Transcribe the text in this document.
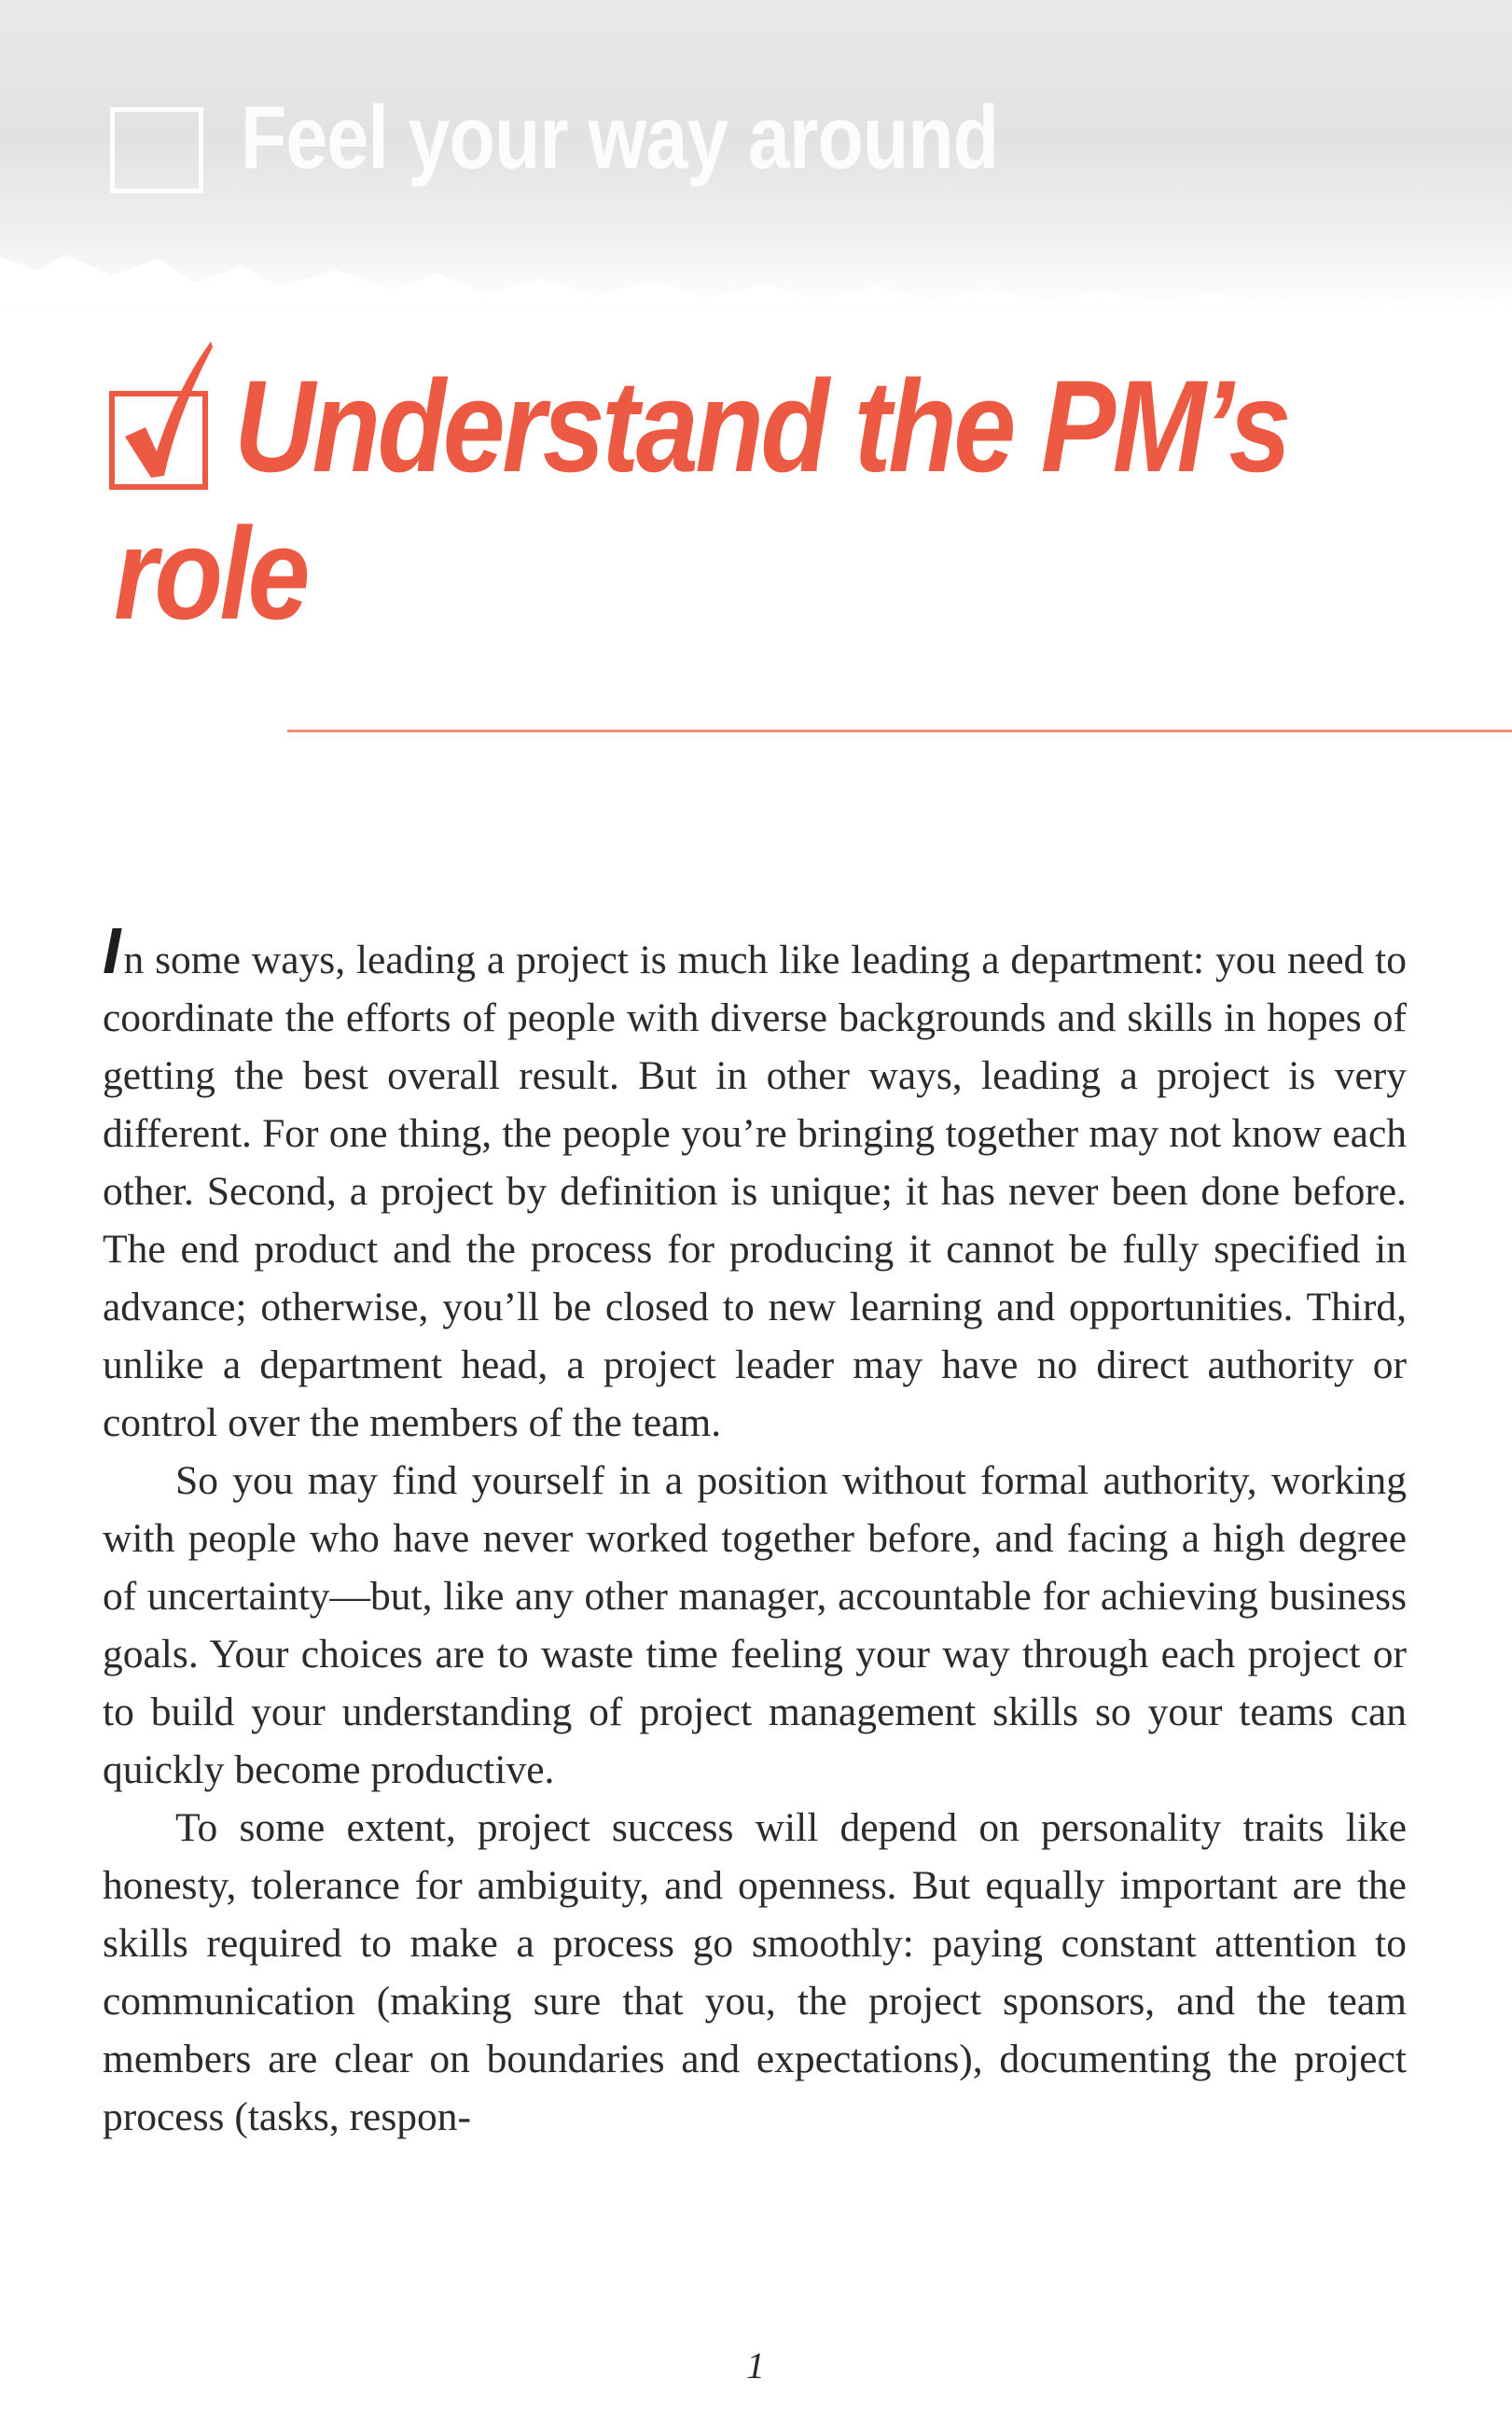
Feel your way around
Understand the PM’s
role

In some ways, leading a project is much like leading a department: you need to coordinate the efforts of people with diverse backgrounds and skills in hopes of getting the best overall result. But in other ways, leading a project is very different. For one thing, the people you’re bringing together may not know each other. Second, a project by definition is unique; it has never been done before. The end product and the process for producing it cannot be fully specified in advance; otherwise, you’ll be closed to new learning and opportunities. Third, unlike a department head, a project leader may have no direct authority or control over the members of the team.

So you may find yourself in a position without formal authority, working with people who have never worked together before, and facing a high degree of uncertainty—but, like any other manager, accountable for achieving business goals. Your choices are to waste time feeling your way through each project or to build your understanding of project management skills so your teams can quickly become productive.

To some extent, project success will depend on personality traits like honesty, tolerance for ambiguity, and openness. But equally important are the skills required to make a process go smoothly: paying constant attention to communication (making sure that you, the project sponsors, and the team members are clear on boundaries and expectations), documenting the project process (tasks, respon-

1
